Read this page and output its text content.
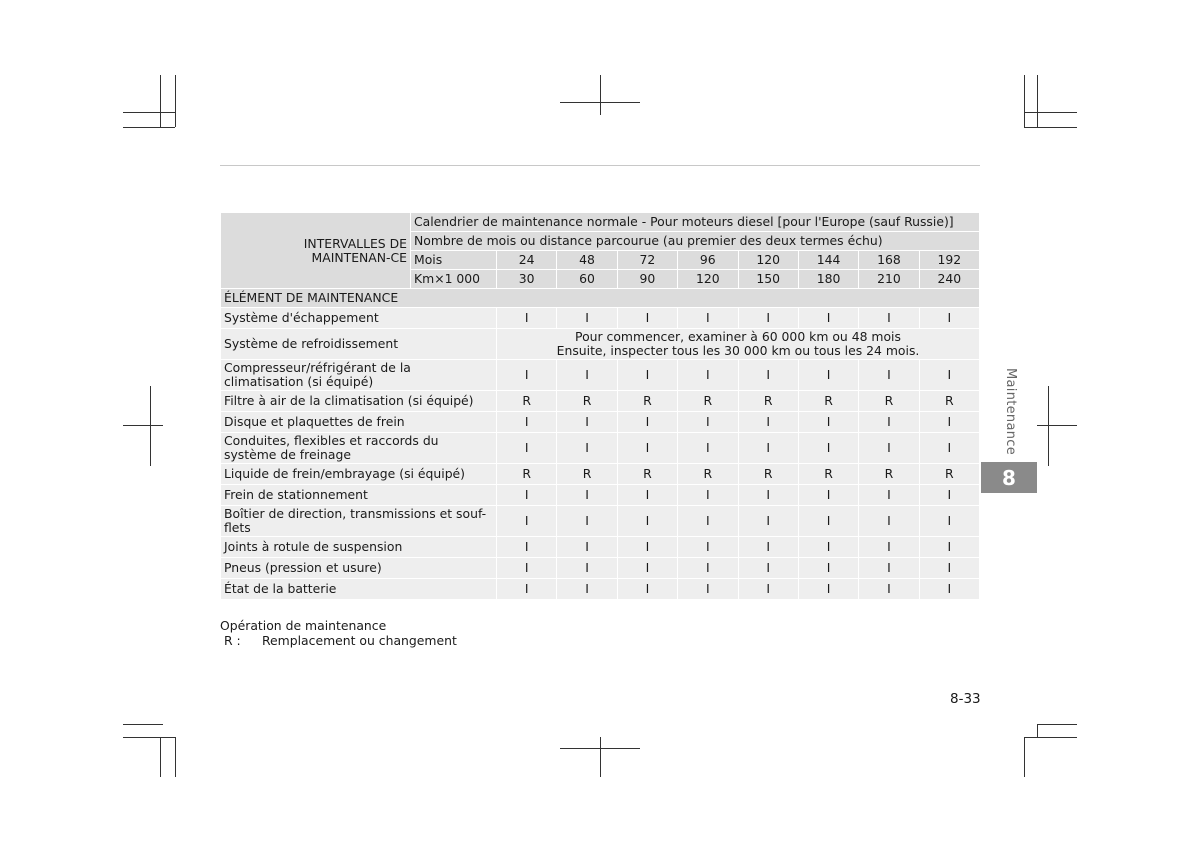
INTERVALLES DE MAINTENAN-CE	Calendrier de maintenance normale - Pour moteurs diesel [pour l'Europe (sauf Russie)]								
	Nombre de mois ou distance parcourue (au premier des deux termes échu)								
	Mois	24	48	72	96	120	144	168	192
	Km×1 000	30	60	90	120	150	180	210	240
ÉLÉMENT DE MAINTENANCE									
Système d'échappement		I	I	I	I	I	I	I	I
Système de refroidissement		Pour commencer, examiner à 60 000 km ou 48 mois
Ensuite, inspecter tous les 30 000 km ou tous les 24 mois.							
Compresseur/réfrigérant de la climatisation (si équipé)		I	I	I	I	I	I	I	I
Filtre à air de la climatisation (si équipé)		R	R	R	R	R	R	R	R
Disque et plaquettes de frein		I	I	I	I	I	I	I	I
Conduites, flexibles et raccords du système de freinage		I	I	I	I	I	I	I	I
Liquide de frein/embrayage (si équipé)		R	R	R	R	R	R	R	R
Frein de stationnement		I	I	I	I	I	I	I	I
Boîtier de direction, transmissions et souf-flets		I	I	I	I	I	I	I	I
Joints à rotule de suspension		I	I	I	I	I	I	I	I
Pneus (pression et usure)		I	I	I	I	I	I	I	I
État de la batterie		I	I	I	I	I	I	I	I
Opération de maintenance
R :	Remplacement ou changement
Maintenance
8
8-33
